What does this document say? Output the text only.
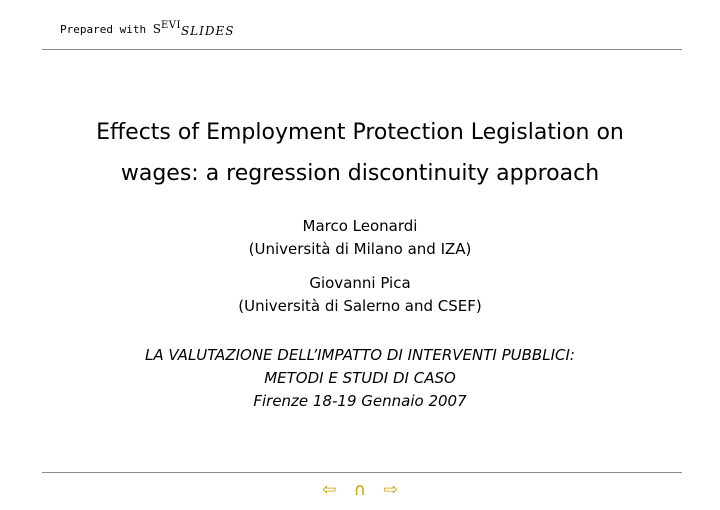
Prepared with $S^{EVI}SLIDES$
Effects of Employment Protection Legislation on
wages: a regression discontinuity approach
Marco Leonardi
(Università di Milano and IZA)
Giovanni Pica
(Università di Salerno and CSEF)
LA VALUTAZIONE DELL’IMPATTO DI INTERVENTI PUBBLICI:
METODI E STUDI DI CASO
Firenze 18-19 Gennaio 2007
⇦ ∩ ⇨
